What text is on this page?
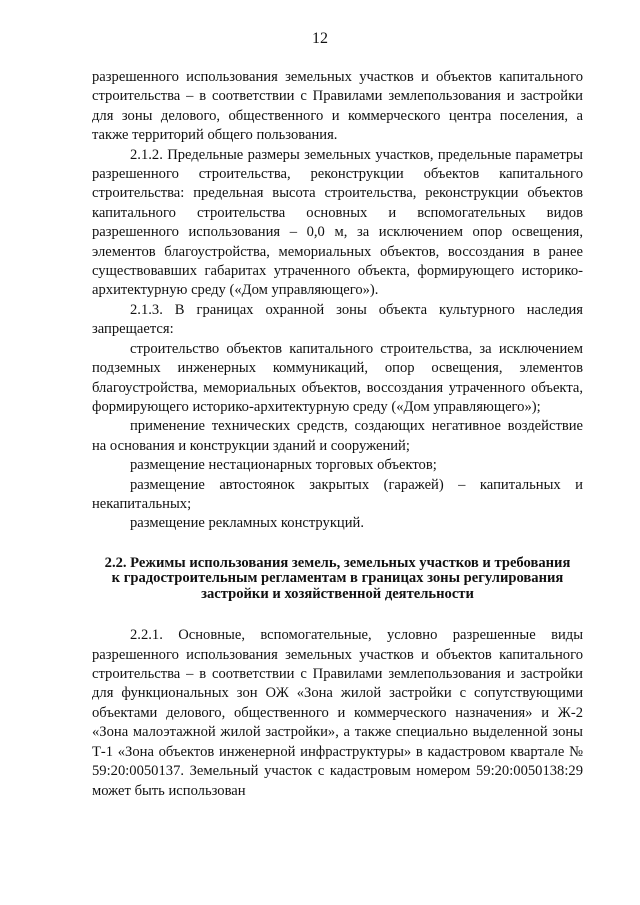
12

разрешенного использования земельных участков и объектов капитального строительства – в соответствии с Правилами землепользования и застройки для зоны делового, общественного и коммерческого центра поселения, а также территорий общего пользования.

2.1.2. Предельные размеры земельных участков, предельные параметры разрешенного строительства, реконструкции объектов капитального строительства: предельная высота строительства, реконструкции объектов капитального строительства основных и вспомогательных видов разрешенного использования – 0,0 м, за исключением опор освещения, элементов благоустройства, мемориальных объектов, воссоздания в ранее существовавших габаритах утраченного объекта, формирующего историко-архитектурную среду («Дом управляющего»).

2.1.3. В границах охранной зоны объекта культурного наследия запрещается:

строительство объектов капитального строительства, за исключением подземных инженерных коммуникаций, опор освещения, элементов благоустройства, мемориальных объектов, воссоздания утраченного объекта, формирующего историко-архитектурную среду («Дом управляющего»);

применение технических средств, создающих негативное воздействие на основания и конструкции зданий и сооружений;

размещение нестационарных торговых объектов;

размещение автостоянок закрытых (гаражей) – капитальных и некапитальных;

размещение рекламных конструкций.

2.2. Режимы использования земель, земельных участков и требования
к градостроительным регламентам в границах зоны регулирования
застройки и хозяйственной деятельности

2.2.1. Основные, вспомогательные, условно разрешенные виды разрешенного использования земельных участков и объектов капитального строительства – в соответствии с Правилами землепользования и застройки для функциональных зон ОЖ «Зона жилой застройки с сопутствующими объектами делового, общественного и коммерческого назначения» и Ж-2 «Зона малоэтажной жилой застройки», а также специально выделенной зоны Т-1 «Зона объектов инженерной инфраструктуры» в кадастровом квартале № 59:20:0050137. Земельный участок с кадастровым номером 59:20:0050138:29 может быть использован
